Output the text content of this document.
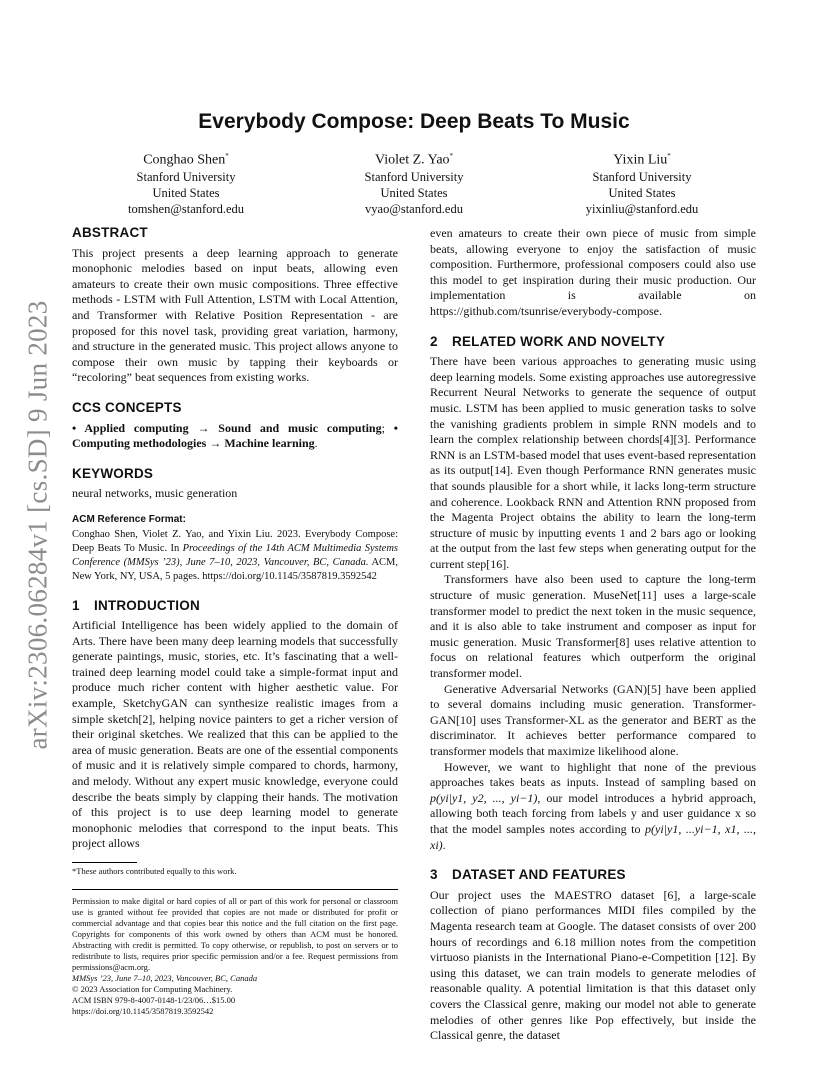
arXiv:2306.06284v1 [cs.SD] 9 Jun 2023
Everybody Compose: Deep Beats To Music
Conghao Shen*
Stanford University
United States
tomshen@stanford.edu
Violet Z. Yao*
Stanford University
United States
vyao@stanford.edu
Yixin Liu*
Stanford University
United States
yixinliu@stanford.edu
ABSTRACT

This project presents a deep learning approach to generate monophonic melodies based on input beats, allowing even amateurs to create their own music compositions. Three effective methods - LSTM with Full Attention, LSTM with Local Attention, and Transformer with Relative Position Representation - are proposed for this novel task, providing great variation, harmony, and structure in the generated music. This project allows anyone to compose their own music by tapping their keyboards or “recoloring” beat sequences from existing works.

CCS CONCEPTS

• Applied computing → Sound and music computing; • Computing methodologies → Machine learning.

KEYWORDS

neural networks, music generation

ACM Reference Format:
Conghao Shen, Violet Z. Yao, and Yixin Liu. 2023. Everybody Compose: Deep Beats To Music. In Proceedings of the 14th ACM Multimedia Systems Conference (MMSys ’23), June 7–10, 2023, Vancouver, BC, Canada. ACM, New York, NY, USA, 5 pages. https://doi.org/10.1145/3587819.3592542
1 INTRODUCTION

Artificial Intelligence has been widely applied to the domain of Arts. There have been many deep learning models that successfully generate paintings, music, stories, etc. It’s fascinating that a well-trained deep learning model could take a simple-format input and produce much richer content with higher aesthetic value. For example, SketchyGAN can synthesize realistic images from a simple sketch[2], helping novice painters to get a richer version of their original sketches. We realized that this can be applied to the area of music generation. Beats are one of the essential components of music and it is relatively simple compared to chords, harmony, and melody. Without any expert music knowledge, everyone could describe the beats simply by clapping their hands. The motivation of this project is to use deep learning model to generate monophonic melodies that correspond to the input beats. This project allows

*These authors contributed equally to this work.
Permission to make digital or hard copies of all or part of this work for personal or classroom use is granted without fee provided that copies are not made or distributed for profit or commercial advantage and that copies bear this notice and the full citation on the first page. Copyrights for components of this work owned by others than ACM must be honored. Abstracting with credit is permitted. To copy otherwise, or republish, to post on servers or to redistribute to lists, requires prior specific permission and/or a fee. Request permissions from permissions@acm.org.
MMSys ’23, June 7–10, 2023, Vancouver, BC, Canada
© 2023 Association for Computing Machinery.
ACM ISBN 979-8-4007-0148-1/23/06…$15.00
https://doi.org/10.1145/3587819.3592542

even amateurs to create their own piece of music from simple beats, allowing everyone to enjoy the satisfaction of music composition. Furthermore, professional composers could also use this model to get inspiration during their music production. Our implementation is available on https://github.com/tsunrise/everybody-compose.

2 RELATED WORK AND NOVELTY

There have been various approaches to generating music using deep learning models. Some existing approaches use autoregressive Recurrent Neural Networks to generate the sequence of output music. LSTM has been applied to music generation tasks to solve the vanishing gradients problem in simple RNN models and to learn the complex relationship between chords[4][3]. Performance RNN is an LSTM-based model that uses event-based representation as its output[14]. Even though Performance RNN generates music that sounds plausible for a short while, it lacks long-term structure and coherence. Lookback RNN and Attention RNN proposed from the Magenta Project obtains the ability to learn the long-term structure of music by inputting events 1 and 2 bars ago or looking at the output from the last few steps when generating output for the current step[16].

Transformers have also been used to capture the long-term structure of music generation. MuseNet[11] uses a large-scale transformer model to predict the next token in the music sequence, and it is also able to take instrument and composer as input for music generation. Music Transformer[8] uses relative attention to focus on relational features which outperform the original transformer model.

Generative Adversarial Networks (GAN)[5] have been applied to several domains including music generation. Transformer-GAN[10] uses Transformer-XL as the generator and BERT as the discriminator. It achieves better performance compared to transformer models that maximize likelihood alone.

However, we want to highlight that none of the previous approaches takes beats as inputs. Instead of sampling based on p(yi|y1, y2, ..., yi−1), our model introduces a hybrid approach, allowing both teach forcing from labels y and user guidance x so that the model samples notes according to p(yi|y1, ...yi−1, x1, ..., xi).

3 DATASET AND FEATURES

Our project uses the MAESTRO dataset [6], a large-scale collection of piano performances MIDI files compiled by the Magenta research team at Google. The dataset consists of over 200 hours of recordings and 6.18 million notes from the competition virtuoso pianists in the International Piano-e-Competition [12]. By using this dataset, we can train models to generate melodies of reasonable quality. A potential limitation is that this dataset only covers the Classical genre, making our model not able to generate melodies of other genres like Pop effectively, but inside the Classical genre, the dataset
